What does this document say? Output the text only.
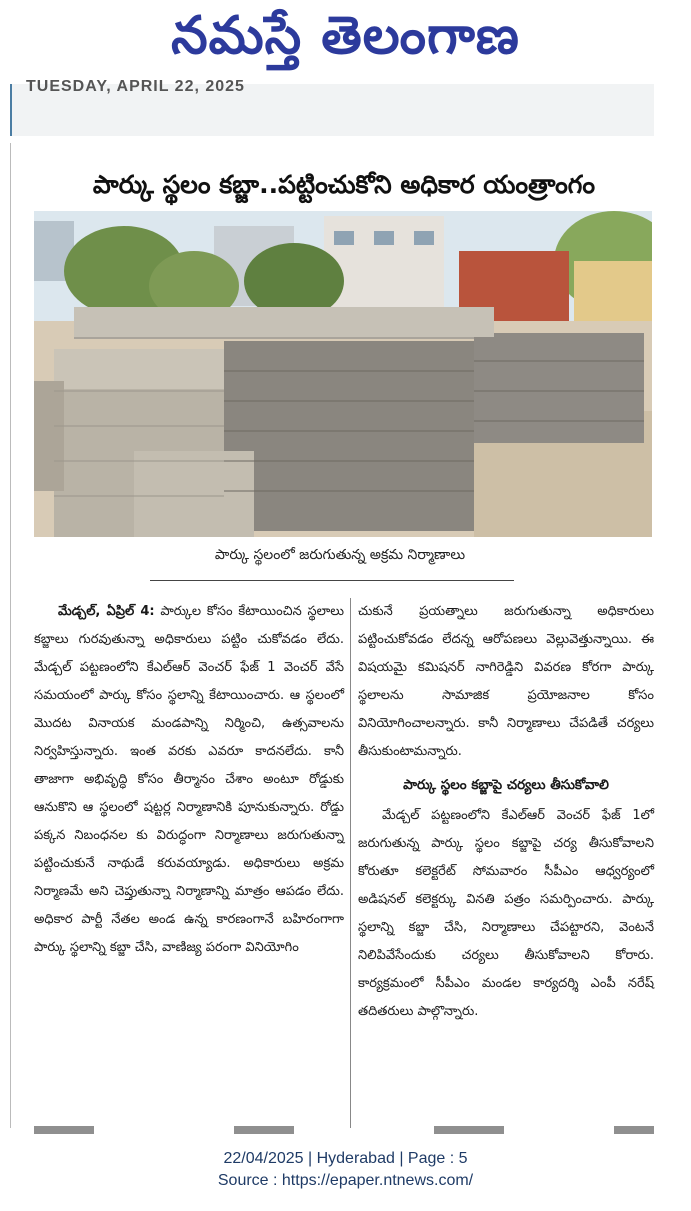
నమస్తే తెలంగాణ
TUESDAY, APRIL 22, 2025
పార్కు స్థలం కబ్జా..పట్టించుకోని అధికార యంత్రాంగం
పార్కు స్థలంలో జరుగుతున్న అక్రమ నిర్మాణాలు

మేడ్చల్, ఏప్రిల్ 4: పార్కుల కోసం కేటాయించిన స్థలాలు కబ్జాలు గురవుతున్నా అధికారులు పట్టిం చుకోవడం లేదు. మేడ్చల్ పట్టణంలోని కేఎల్ఆర్ వెంచర్ ఫేజ్ 1 వెంచర్ వేసే సమయంలో పార్కు కోసం స్థలాన్ని కేటాయించారు. ఆ స్థలంలో మొదట వినాయక మండపాన్ని నిర్మించి, ఉత్సవాలను నిర్వహిస్తున్నారు. ఇంత వరకు ఎవరూ కాదనలేదు. కానీ తాజాగా అభివృద్ధి కోసం తీర్మానం చేశాం అంటూ రోడ్డుకు ఆనుకొని ఆ స్థలంలో షట్టర్ల నిర్మాణానికి పూనుకున్నారు. రోడ్డు పక్కన నిబంధనల కు విరుద్ధంగా నిర్మాణాలు జరుగుతున్నా పట్టించుకునే నాథుడే కరువయ్యాడు. అధికారులు అక్రమ నిర్మాణమే అని చెప్తుతున్నా నిర్మాణాన్ని మాత్రం ఆపడం లేదు. అధికార పార్టీ నేతల అండ ఉన్న కారణంగానే బహిరంగాగా పార్కు స్థలాన్ని కబ్జా చేసి, వాణిజ్య పరంగా వినియోగిం

చుకునే ప్రయత్నాలు జరుగుతున్నా అధికారులు పట్టించుకోవడం లేదన్న ఆరోపణలు వెల్లువెత్తున్నాయి. ఈ విషయమై కమిషనర్ నాగిరెడ్డిని వివరణ కోరగా పార్కు స్థలాలను సామాజిక ప్రయోజనాల కోసం వినియోగించాలన్నారు. కానీ నిర్మాణాలు చేపడితే చర్యలు తీసుకుంటామన్నారు.

పార్కు స్థలం కబ్జాపై చర్యలు తీసుకోవాలి

మేడ్చల్ పట్టణంలోని కేఎల్ఆర్ వెంచర్ ఫేజ్ 1లో జరుగుతున్న పార్కు స్థలం కబ్జాపై చర్య తీసుకోవాలని కోరుతూ కలెక్టరేట్ సోమవారం సీపీఎం ఆధ్వర్యంలో అడిషనల్ కలెక్టర్కు వినతి పత్రం సమర్పించారు. పార్కు స్థలాన్ని కబ్జా చేసి, నిర్మాణాలు చేపట్టారని, వెంటనే నిలిపివేసేందుకు చర్యలు తీసుకోవాలని కోరారు. కార్యక్రమంలో సీపీఎం మండల కార్యదర్శి ఎంపీ నరేష్ తదితరులు పాల్గొన్నారు.

22/04/2025 | Hyderabad | Page : 5
Source : https://epaper.ntnews.com/
